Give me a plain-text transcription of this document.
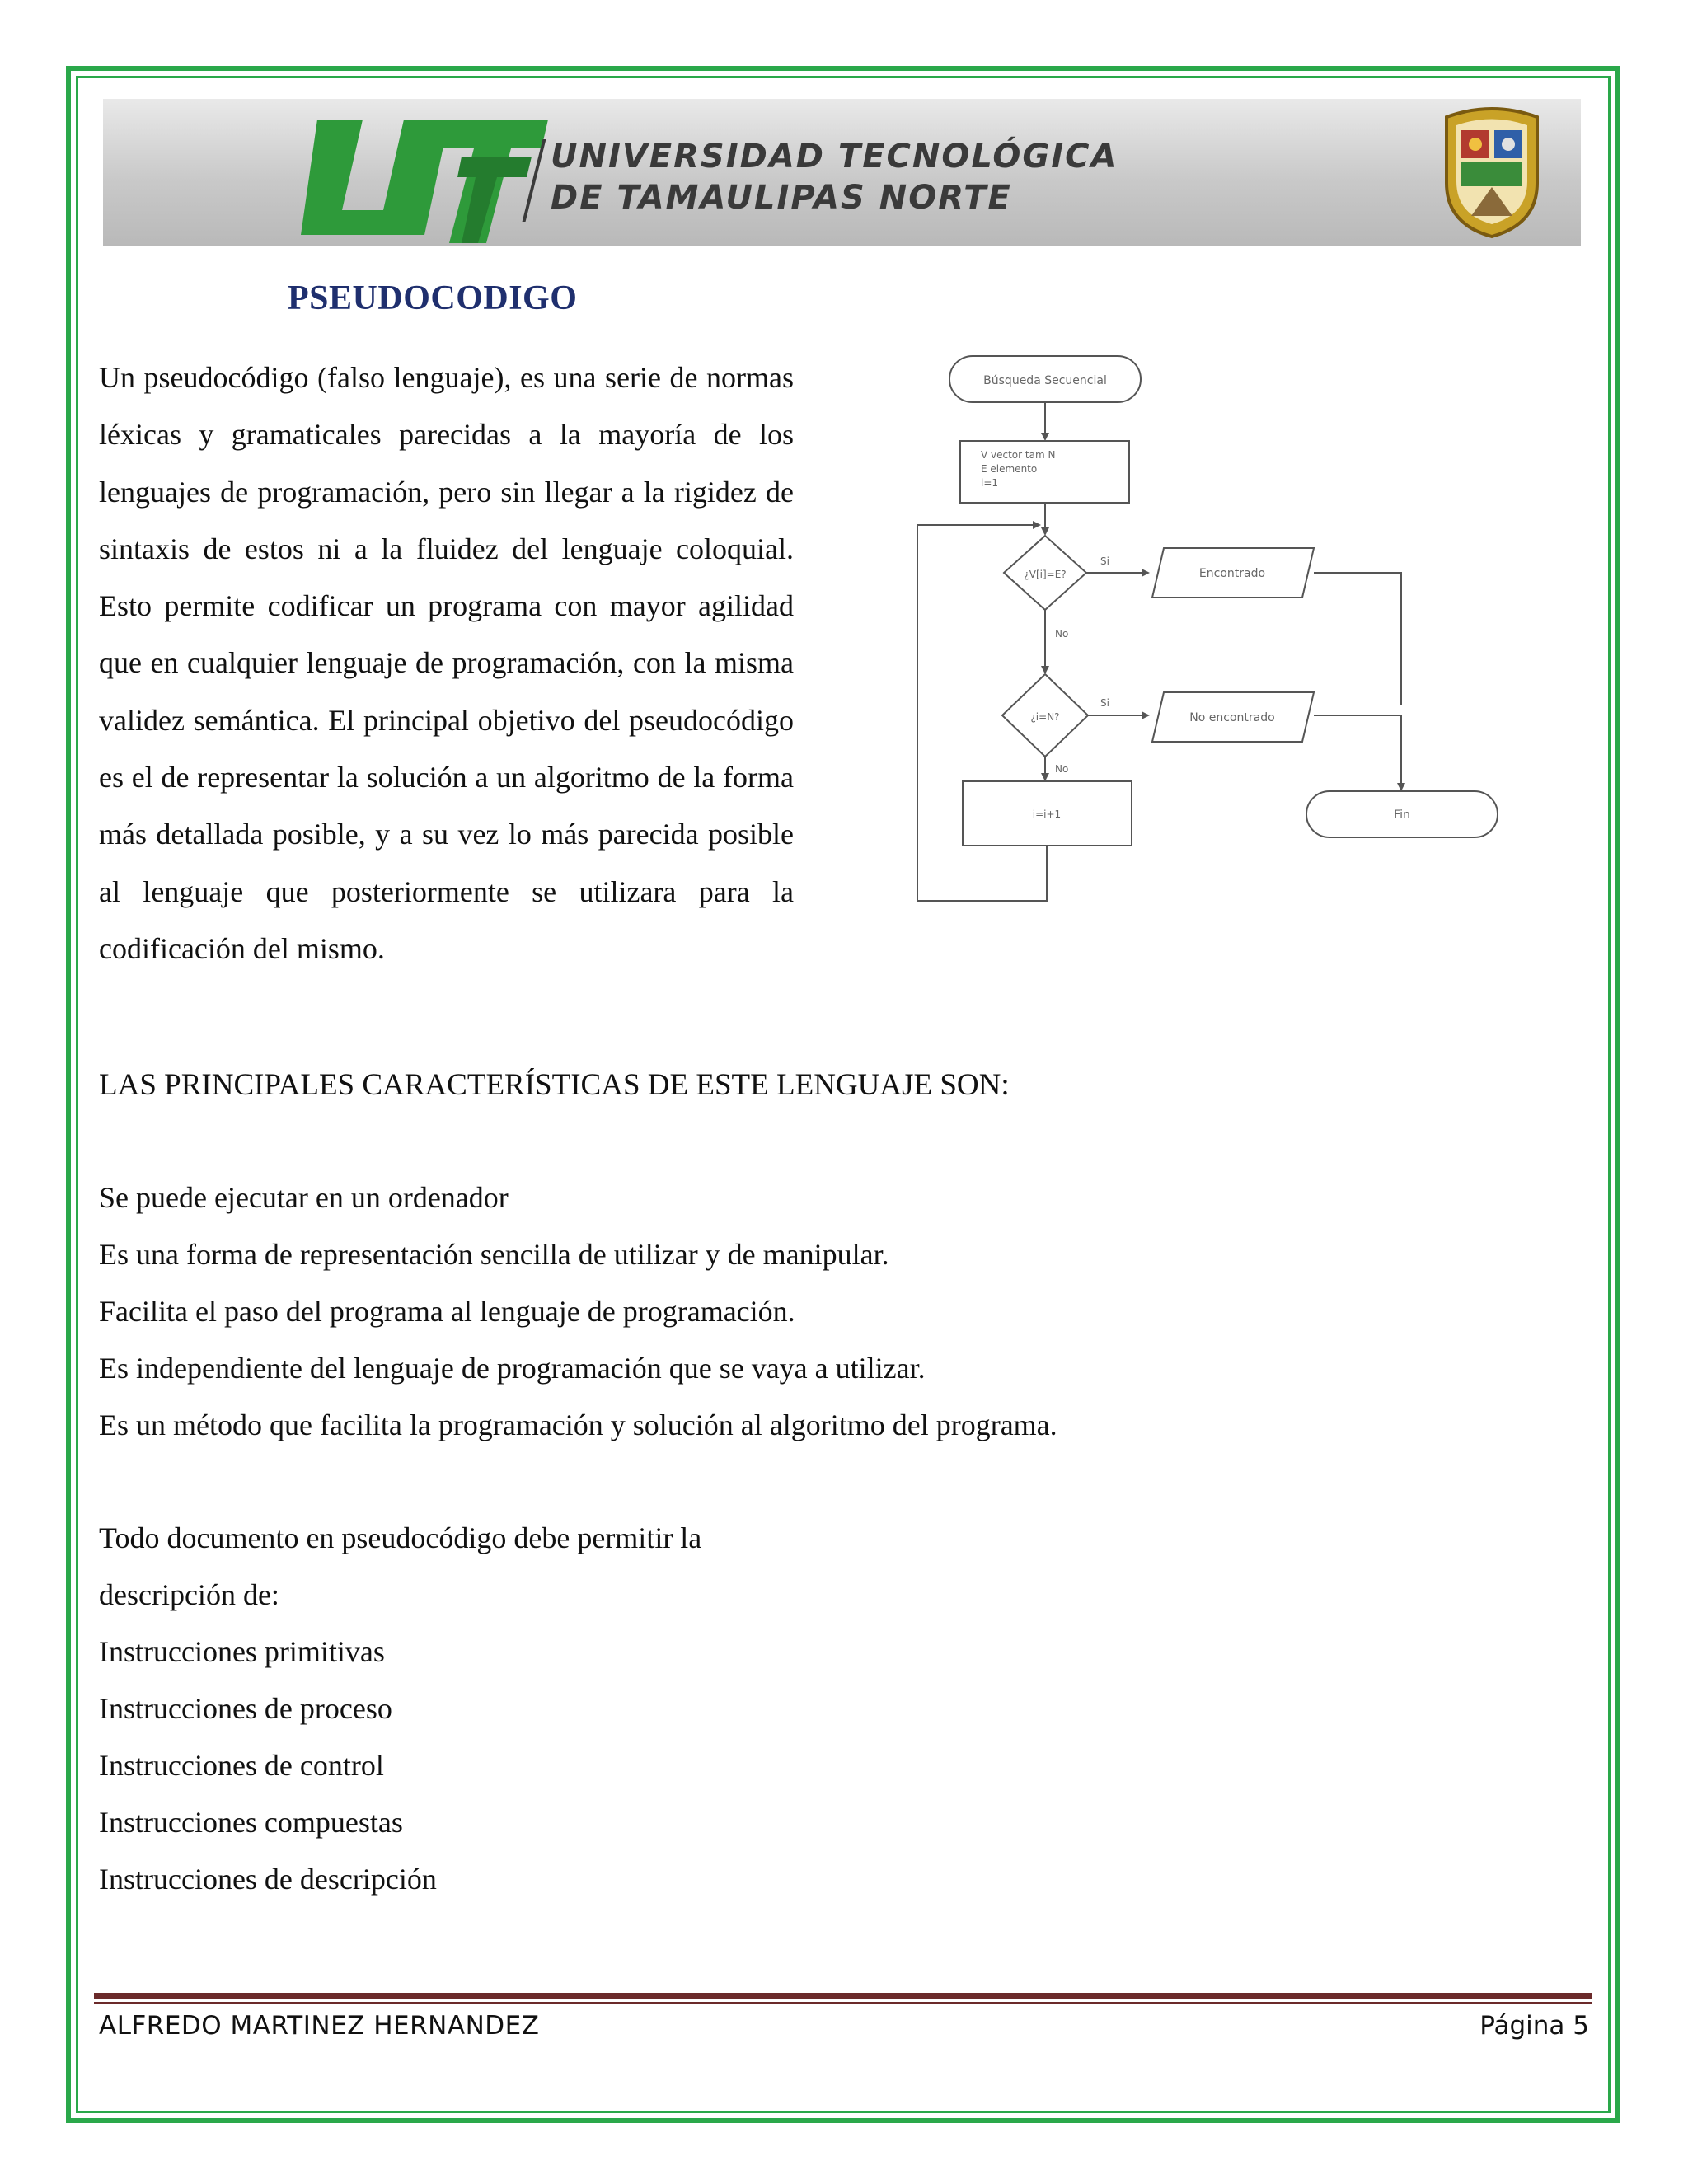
UNIVERSIDAD TECNOLÓGICA
DE TAMAULIPAS NORTE
PSEUDOCODIGO

Un pseudocódigo (falso lenguaje), es una serie de normas léxicas y gramaticales parecidas a la mayoría de los lenguajes de programación, pero sin llegar a la rigidez de sintaxis de estos ni a la fluidez del lenguaje coloquial. Esto permite codificar un programa con mayor agilidad que en cualquier lenguaje de programación, con la misma validez semántica. El principal objetivo del pseudocódigo es el de representar la solución a un algoritmo de la forma más detallada posible, y a su vez lo más parecida posible al lenguaje que posteriormente se utilizara para la codificación del mismo.

Búsqueda Secuencial
V vector tam N
E elemento
i=1
¿V[i]=E?
Si
Encontrado
No
¿i=N?
Si
No encontrado
No
i=i+1	Fin
LAS PRINCIPALES CARACTERÍSTICAS DE ESTE LENGUAJE SON:
Se puede ejecutar en un ordenador
Es una forma de representación sencilla de utilizar y de manipular.
Facilita el paso del programa al lenguaje de programación.
Es independiente del lenguaje de programación que se vaya a utilizar.
Es un método que facilita la programación y solución al algoritmo del programa.
Todo documento en pseudocódigo debe permitir la
descripción de:
Instrucciones primitivas
Instrucciones de proceso
Instrucciones de control
Instrucciones compuestas
Instrucciones de descripción
ALFREDO MARTINEZ HERNANDEZ	Página 5
